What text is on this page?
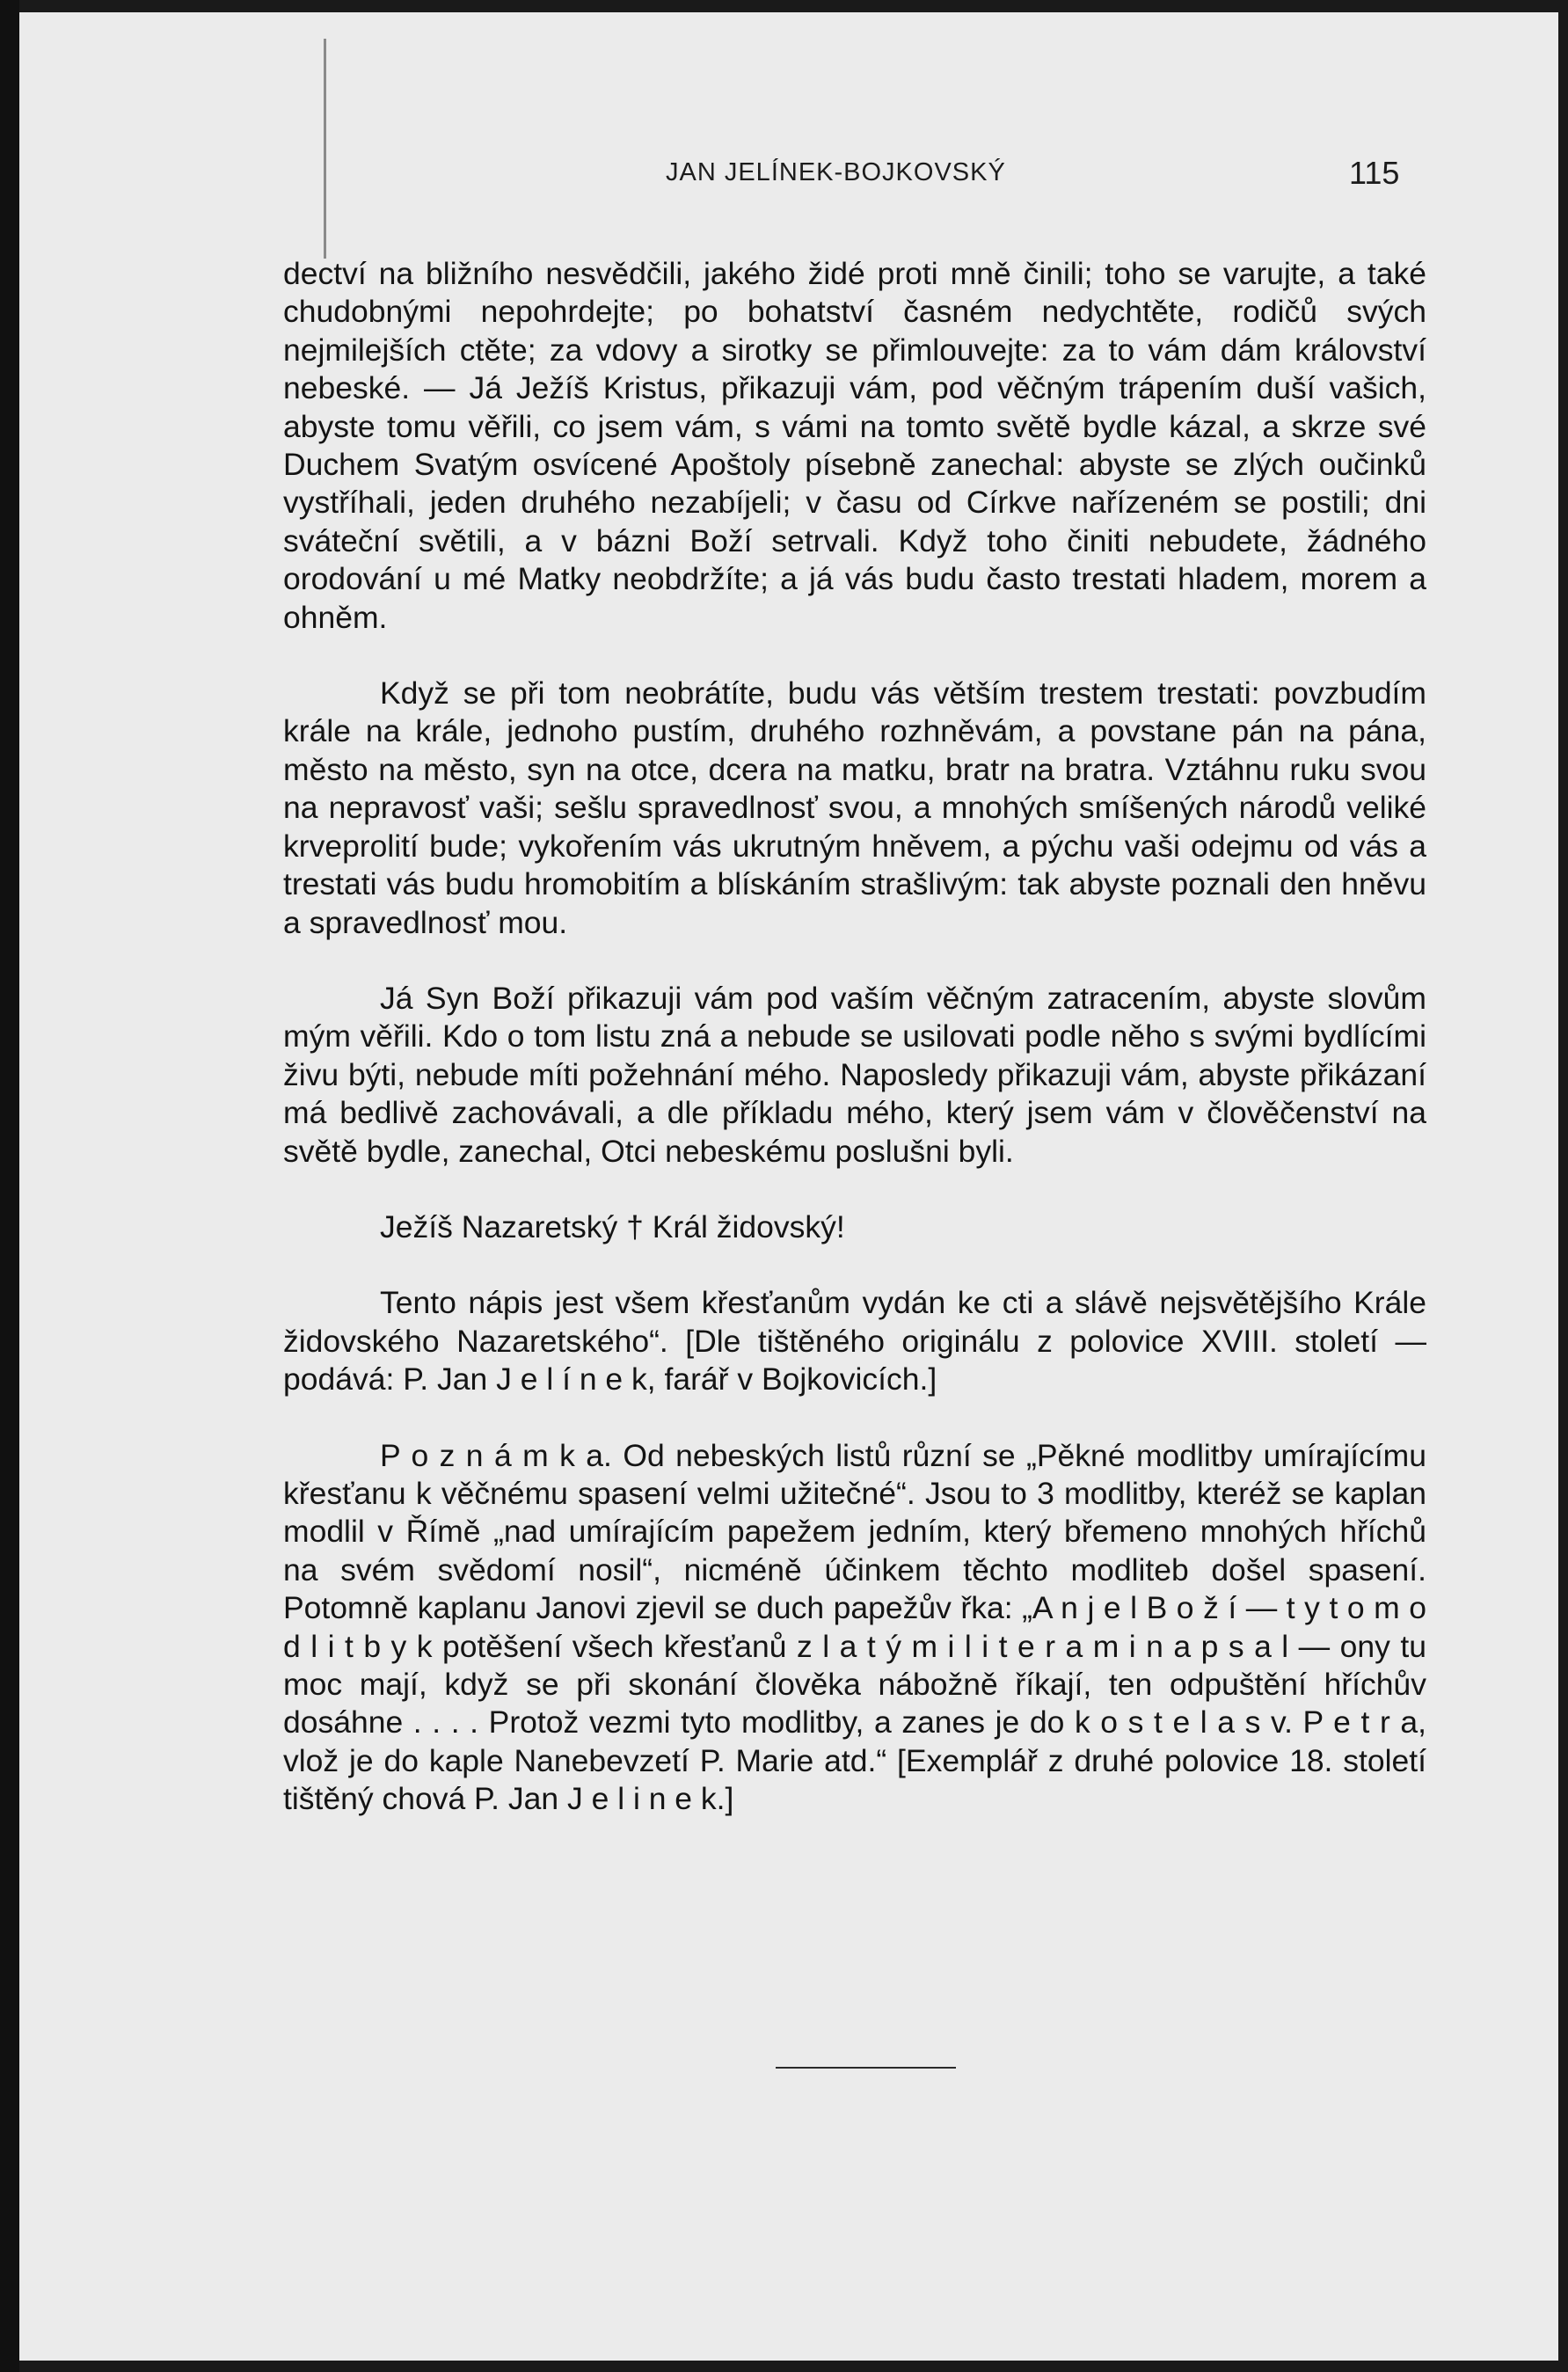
JAN JELÍNEK-BOJKOVSKÝ	115

dectví na bližního nesvědčili, jakého židé proti mně činili; toho se varujte, a také chudobnými nepohrdejte; po bohatství časném nedychtěte, rodičů svých nejmilejších ctěte; za vdovy a sirotky se přimlouvejte: za to vám dám království nebeské. — Já Ježíš Kristus, přikazuji vám, pod věčným trápením duší vašich, abyste tomu věřili, co jsem vám, s vámi na tomto světě bydle kázal, a skrze své Duchem Svatým osvícené Apoštoly písebně zanechal: abyste se zlých oučinků vystříhali, jeden druhého nezabíjeli; v času od Církve nařízeném se postili; dni sváteční světili, a v bázni Boží setrvali. Když toho činiti nebudete, žádného orodování u mé Matky neobdržíte; a já vás budu často trestati hladem, morem a ohněm.

Když se při tom neobrátíte, budu vás větším trestem trestati: povzbudím krále na krále, jednoho pustím, druhého rozhněvám, a povstane pán na pána, město na město, syn na otce, dcera na matku, bratr na bratra. Vztáhnu ruku svou na nepravosť vaši; sešlu spravedlnosť svou, a mnohých smíšených národů veliké krveprolití bude; vykořením vás ukrutným hněvem, a pýchu vaši odejmu od vás a trestati vás budu hromobitím a blískáním strašlivým: tak abyste poznali den hněvu a spravedlnosť mou.

Já Syn Boží přikazuji vám pod vaším věčným zatracením, abyste slovům mým věřili. Kdo o tom listu zná a nebude se usilovati podle něho s svými bydlícími živu býti, nebude míti požehnání mého. Naposledy přikazuji vám, abyste přikázaní má bedlivě zachovávali, a dle příkladu mého, který jsem vám v člověčenství na světě bydle, zanechal, Otci nebeskému poslušni byli.

Ježíš Nazaretský † Král židovský!

Tento nápis jest všem křesťanům vydán ke cti a slávě nejsvětějšího Krále židovského Nazaretského“. [Dle tištěného originálu z polovice XVIII. století — podává: P. Jan J e l í n e k, farář v Bojkovicích.]

P o z n á m k a. Od nebeských listů různí se „Pěkné modlitby umírajícímu křesťanu k věčnému spasení velmi užitečné“. Jsou to 3 modlitby, kteréž se kaplan modlil v Římě „nad umírajícím papežem jedním, který břemeno mnohých hříchů na svém svědomí nosil“, nicméně účinkem těchto modliteb došel spasení. Potomně kaplanu Janovi zjevil se duch papežův řka: „A n j e l B o ž í — t y t o m o d l i t b y k potěšení všech křesťanů z l a t ý m i l i t e r a m i n a p s a l — ony tu moc mají, když se při skonání člověka nábožně říkají, ten odpuštění hříchův dosáhne . . . . Protož vezmi tyto modlitby, a zanes je do k o s t e l a s v. P e t r a, vlož je do kaple Nanebevzetí P. Marie atd.“ [Exemplář z druhé polovice 18. století tištěný chová P. Jan J e l i n e k.]
